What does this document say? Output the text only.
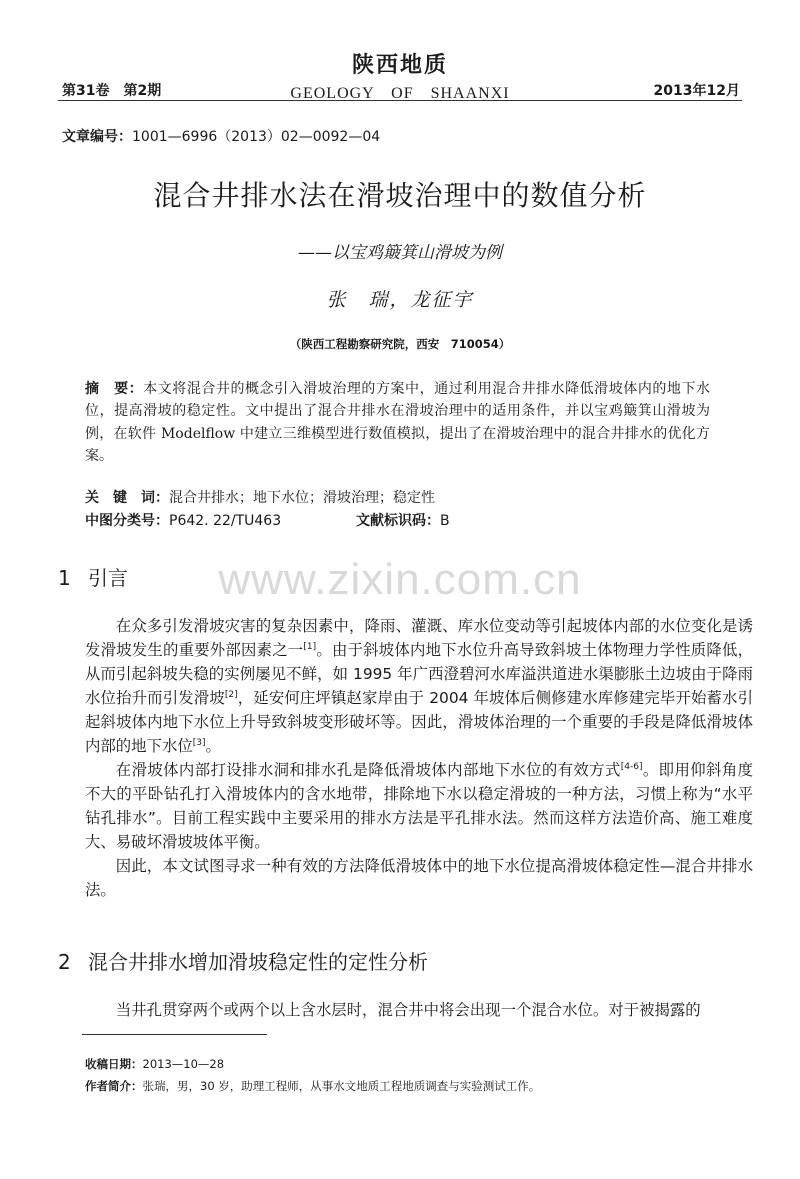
陕西地质
第31卷　第2期	GEOLOGY　OF　SHAANXI	2013年12月
文章编号：1001—6996（2013）02—0092—04
混合井排水法在滑坡治理中的数值分析
——以宝鸡簸箕山滑坡为例
张　瑞，龙征宇
（陕西工程勘察研究院，西安　710054）
摘　要：本文将混合井的概念引入滑坡治理的方案中，通过利用混合井排水降低滑坡体内的地下水位，提高滑坡的稳定性。文中提出了混合井排水在滑坡治理中的适用条件，并以宝鸡簸箕山滑坡为例，在软件 Modelflow 中建立三维模型进行数值模拟，提出了在滑坡治理中的混合井排水的优化方案。
关　键　词：混合井排水；地下水位；滑坡治理；稳定性
中图分类号：P642. 22/TU463	文献标识码：B
www.zixin.com.cn
1 引言
在众多引发滑坡灾害的复杂因素中，降雨、灌溉、库水位变动等引起坡体内部的水位变化是诱发滑坡发生的重要外部因素之一[1]。由于斜坡体内地下水位升高导致斜坡土体物理力学性质降低，从而引起斜坡失稳的实例屡见不鲜，如 1995 年广西澄碧河水库溢洪道进水渠膨胀土边坡由于降雨水位抬升而引发滑坡[2]，延安何庄坪镇赵家岸由于 2004 年坡体后侧修建水库修建完毕开始蓄水引起斜坡体内地下水位上升导致斜坡变形破坏等。因此，滑坡体治理的一个重要的手段是降低滑坡体内部的地下水位[3]。
在滑坡体内部打设排水洞和排水孔是降低滑坡体内部地下水位的有效方式[4-6]。即用仰斜角度不大的平卧钻孔打入滑坡体内的含水地带，排除地下水以稳定滑坡的一种方法，习惯上称为“水平钻孔排水”。目前工程实践中主要采用的排水方法是平孔排水法。然而这样方法造价高、施工难度大、易破坏滑坡坡体平衡。
因此，本文试图寻求一种有效的方法降低滑坡体中的地下水位提高滑坡体稳定性—混合井排水法。
2 混合井排水增加滑坡稳定性的定性分析
当井孔贯穿两个或两个以上含水层时，混合井中将会出现一个混合水位。对于被揭露的
收稿日期：2013—10—28
作者简介：张瑞，男，30 岁，助理工程师，从事水文地质工程地质调查与实验测试工作。
